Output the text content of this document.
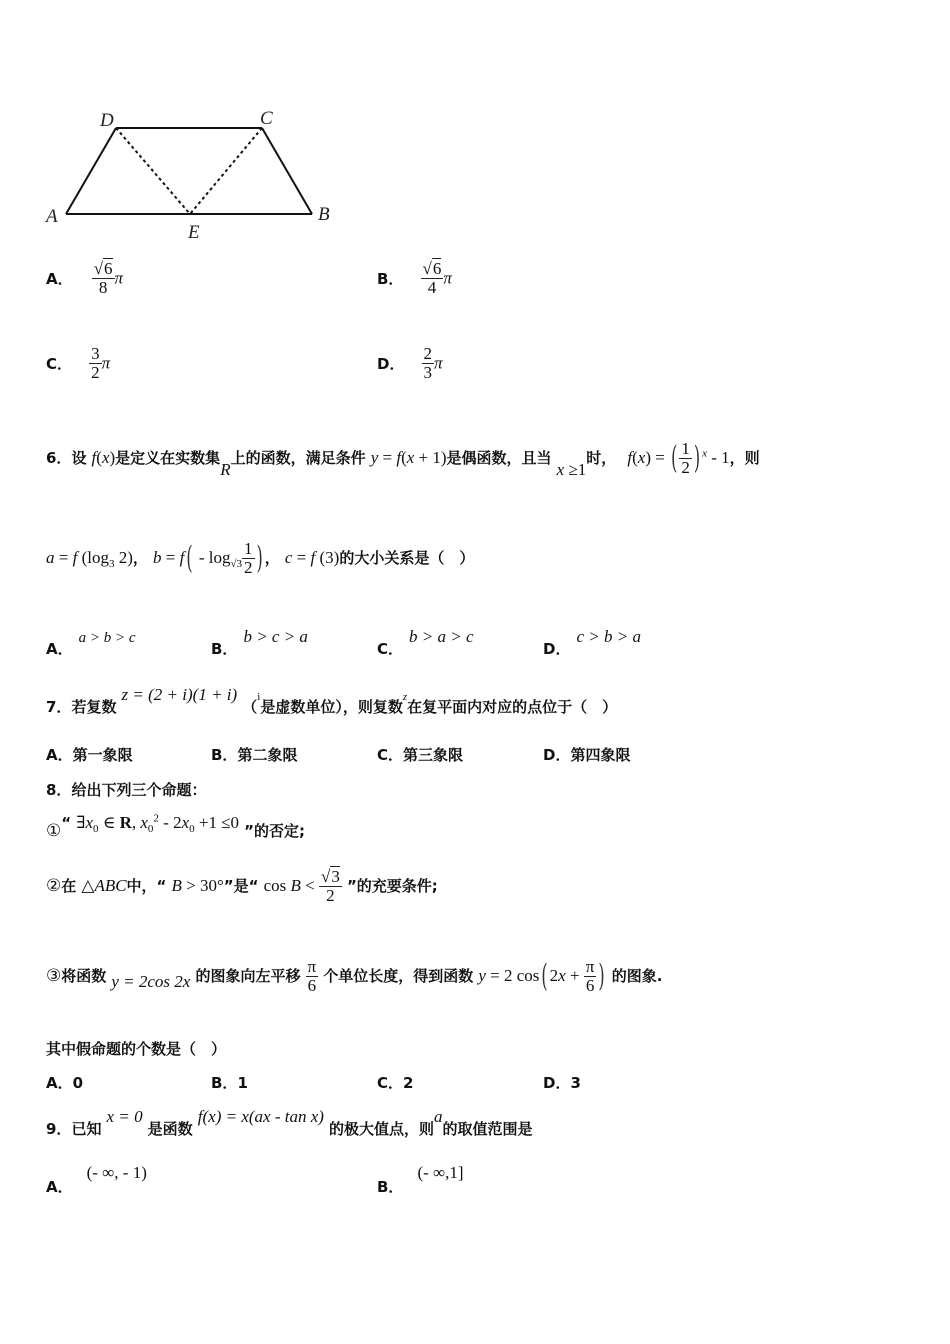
D	C
A	B
E
A． $\frac{√6}{8}$ π	B． $\frac{√6}{4}$ π
C． $\frac{3}{2}$ π	D． $\frac{2}{3}$ π
6．设 f(x)是定义在实数集R上的函数，满足条件 y = f(x + 1)是偶函数，且当 x ≥1时， f(x) = ( $\frac{1}{2}$ ) $^x$ - 1，则
a = f ($\log_3$ 2)， b = f ( - $\log_{√3} \frac{1}{2}$ ) ， c = f (3)的大小关系是（　）
A．a > b > c
B．b > c > a
C．b > a > c
D．c > b > a
7．若复数 z = (2 + i)(1 + i) （i是虚数单位），则复数z在复平面内对应的点位于（　）
A．第一象限	B．第二象限	C．第三象限	D．第四象限
8．给出下列三个命题：
①“ $\exists x_0$ ∈ R, $x_0^2 - 2x_0 +1 \le 0$ ”的否定;
②在 △ABC中，“ B > 30°”是“ $\cos B < \frac{√3}{2}$ ”的充要条件;
③将函数 y = 2cos 2x 的图象向左平移 $\frac{\pi}{6}$ 个单位长度，得到函数 y = 2 cos ( $2x + \frac{\pi}{6}$ ) 的图象.
其中假命题的个数是（　）
A．0	B．1	C．2	D．3
9．已知 x = 0 是函数 f(x) = x(ax - tan x) 的极大值点，则a的取值范围是
A．(- ∞, - 1)
B．(- ∞,1]
